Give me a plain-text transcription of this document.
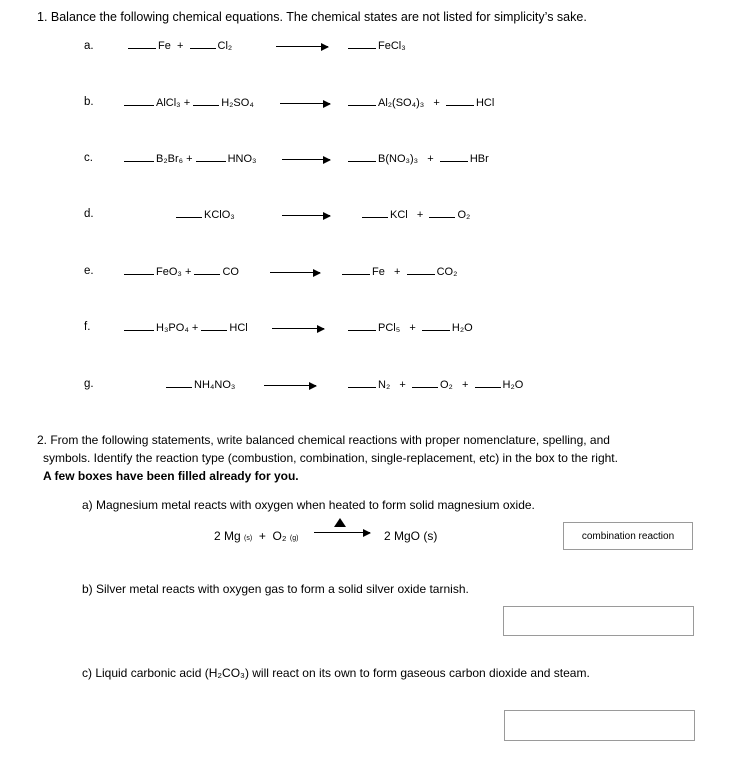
1. Balance the following chemical equations. The chemical states are not listed for simplicity’s sake.
a.	Fe +	Cl₂	FeCl₃
b.	AlCl₃ +	H₂SO₄	Al₂(SO₄)₃ +	HCl
c.	B₂Br₆ +	HNO₃	B(NO₃)₃ +	HBr
d.	KClO₃	KCl +	O₂
e.	FeO₃ +	CO	Fe +	CO₂
f.	H₃PO₄ +	HCl	PCl₅ +	H₂O
g.	NH₄NO₃	N₂ +	O₂ +	H₂O
2. From the following statements, write balanced chemical reactions with proper nomenclature, spelling, and
symbols. Identify the reaction type (combustion, combination, single-replacement, etc) in the box to the right.
A few boxes have been filled already for you.
a) Magnesium metal reacts with oxygen when heated to form solid magnesium oxide.
2 Mg (s)  +  O₂ (g) → 2 MgO (s)	combination reaction
b) Silver metal reacts with oxygen gas to form a solid silver oxide tarnish.
c) Liquid carbonic acid (H₂CO₃) will react on its own to form gaseous carbon dioxide and steam.
